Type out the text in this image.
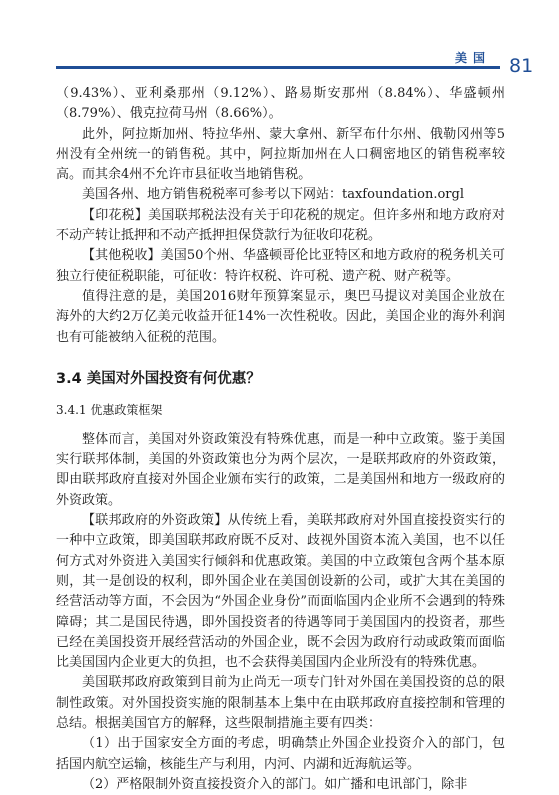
美国 81

（9.43%）、亚利桑那州（9.12%）、路易斯安那州（8.84%）、华盛顿州（8.79%）、俄克拉荷马州（8.66%）。

此外，阿拉斯加州、特拉华州、蒙大拿州、新罕布什尔州、俄勒冈州等5州没有全州统一的销售税。其中，阿拉斯加州在人口稠密地区的销售税率较高。而其余4州不允许市县征收当地销售税。

美国各州、地方销售税税率可参考以下网站：taxfoundation.orgl

【印花税】美国联邦税法没有关于印花税的规定。但许多州和地方政府对不动产转让抵押和不动产抵押担保贷款行为征收印花税。

【其他税收】美国50个州、华盛顿哥伦比亚特区和地方政府的税务机关可独立行使征税职能，可征收：特许权税、许可税、遗产税、财产税等。

值得注意的是，美国2016财年预算案显示，奥巴马提议对美国企业放在海外的大约2万亿美元收益开征14%一次性税收。因此，美国企业的海外利润也有可能被纳入征税的范围。

3.4 美国对外国投资有何优惠？

3.4.1 优惠政策框架

整体而言，美国对外资政策没有特殊优惠，而是一种中立政策。鉴于美国实行联邦体制，美国的外资政策也分为两个层次，一是联邦政府的外资政策，即由联邦政府直接对外国企业颁布实行的政策，二是美国州和地方一级政府的外资政策。

【联邦政府的外资政策】从传统上看，美联邦政府对外国直接投资实行的一种中立政策，即美国联邦政府既不反对、歧视外国资本流入美国，也不以任何方式对外资进入美国实行倾斜和优惠政策。美国的中立政策包含两个基本原则，其一是创设的权利，即外国企业在美国创设新的公司，或扩大其在美国的经营活动等方面，不会因为“外国企业身份”而面临国内企业所不会遇到的特殊障碍；其二是国民待遇，即外国投资者的待遇等同于美国国内的投资者，那些已经在美国投资开展经营活动的外国企业，既不会因为政府行动或政策而面临比美国国内企业更大的负担，也不会获得美国国内企业所没有的特殊优惠。

美国联邦政府政策到目前为止尚无一项专门针对外国在美国投资的总的限制性政策。对外国投资实施的限制基本上集中在由联邦政府直接控制和管理的总结。根据美国官方的解释，这些限制措施主要有四类：

（1）出于国家安全方面的考虑，明确禁止外国企业投资介入的部门，包括国内航空运输，核能生产与利用，内河、内湖和近海航运等。

（2）严格限制外资直接投资介入的部门。如广播和电讯部门，除非
